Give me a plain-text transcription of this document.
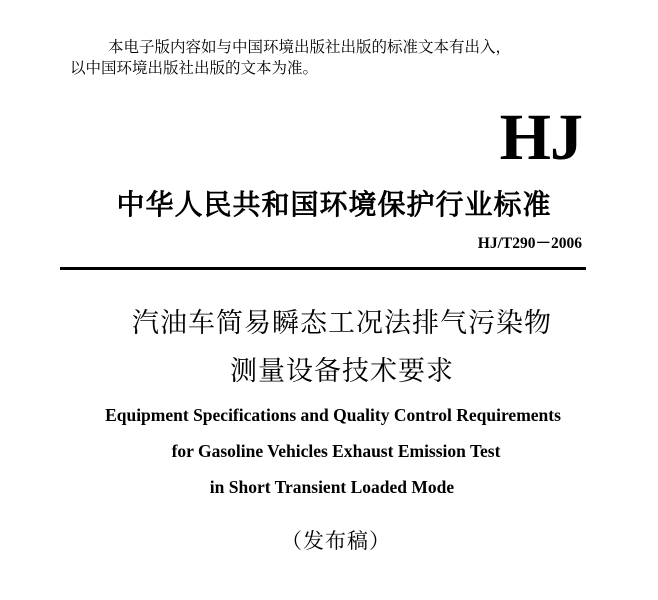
本电子版内容如与中国环境出版社出版的标准文本有出入，
以中国环境出版社出版的文本为准。
HJ
中华人民共和国环境保护行业标准
HJ/T290－2006
汽油车简易瞬态工况法排气污染物
测量设备技术要求
Equipment Specifications and Quality Control Requirements
for Gasoline Vehicles Exhaust Emission Test
in Short Transient Loaded Mode
（发布稿）
